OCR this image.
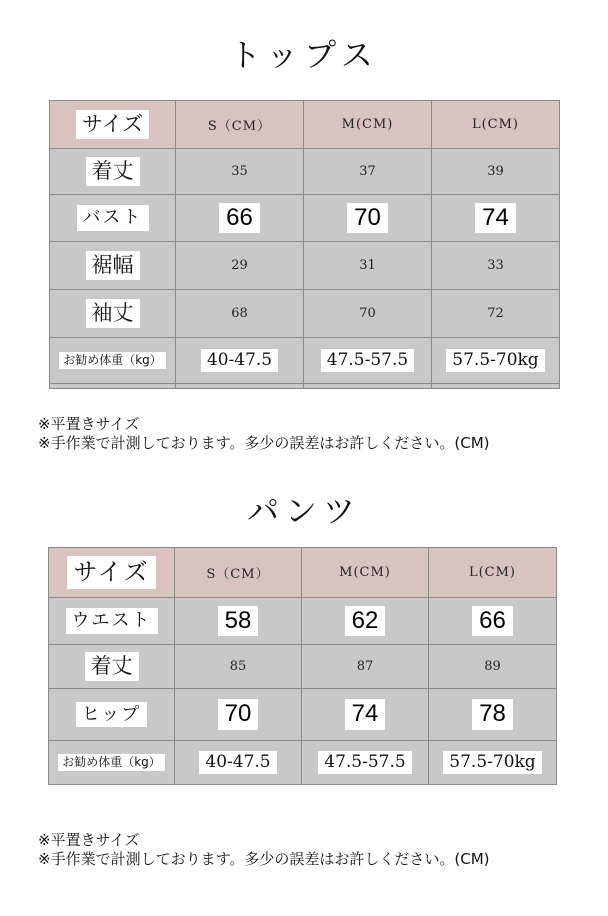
トップス
サイズ	S（CM）	M(CM)	L(CM)
着丈	35	37	39
バスト	66	70	74
裾幅	29	31	33
袖丈	68	70	72
お勧め体重（kg）	40-47.5	47.5-57.5	57.5-70kg

※平置きサイズ
※手作業で計測しております。多少の誤差はお許しください。(CM)
パンツ
サイズ	S（CM）	M(CM)	L(CM)
ウエスト	58	62	66
着丈	85	87	89
ヒップ	70	74	78
お勧め体重（kg）	40-47.5	47.5-57.5	57.5-70kg
※平置きサイズ
※手作業で計測しております。多少の誤差はお許しください。(CM)
